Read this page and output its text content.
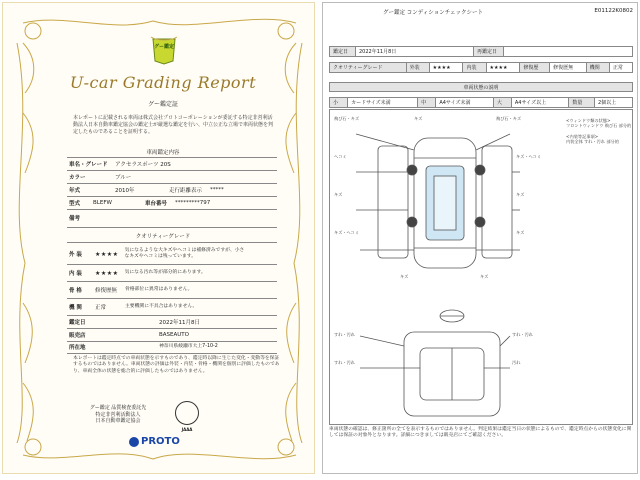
グー鑑定
U-car Grading Report
グー鑑定証
本レポートに記載される車両は株式会社プロトコーポレーションが委託する特定非営利活動法人日本自動車鑑定協会の鑑定士が厳選な鑑定を行い、中立公正な立場で車両状態を判定したものであることを証明する。
車両鑑定内容
車名・グレード	アクセラスポーツ 20S
カラー	ブルー
年式	2010年	走行距離表示 *****
型式	BLEFW	車台番号 *********797
備考
クオリティーグレード
外 装	★★★★ 気になるような大キズやヘコミは補修済みですが、小さなキズやヘコミは残っています。
内 装	★★★★ 気になる汚れ等が部分的にあります。
骨 格	修復歴無 骨格部位に異常はありません。
機 関	正常	主要機関に不具合はありません。
鑑定日	2022年11月8日
販売店	BASEAUTO
所在地	神奈川県綾瀬市大上7-10-2
本レポートは鑑定時点での車両状態を示すものであり、鑑定時以降に生じた変化・変動等を保証するものではありません。車両状態の評価は外装・内装・骨格・機関を個別に評価したものであり、車両全体の状態を総合的に評価したものではありません。
グー鑑定 品質検査委託先
特定非営利活動法人
日本自動車鑑定協会
JAAA
PROTO
グー鑑定 コンディションチェックシート	E01122K0802
鑑定日	2022年11月8日	再鑑定日	
クオリティーグレード	外装	★★★★	内装	★★★★	修復歴	修復歴無	機関	正常
車両状態の説明
小	カードサイズ未満	中	A4サイズ未満	大	A4サイズ以上	数量	2個以上
飛び石・キズ	キズ	飛び石・キズ
ヘコミ	キズ・ヘコミ
キズ	キズ
キズ・ヘコミ	キズ
キズ	キズ
すれ・汚れ	すれ・汚れ
すれ・汚れ	汚れ
<ウィンドウ類の状態>
フロントウィンドウ 飛び石 部分的
<内装等記事項>
内装全体 すれ・汚れ 部分的
車両状態の確認は、修正箇所の全てを表示するものではありません。判定結果は鑑定当日の状態によるもので、鑑定時点からの状態変化に関しては保証の対象外となります。詳細につきましては販売店にてご確認ください。
